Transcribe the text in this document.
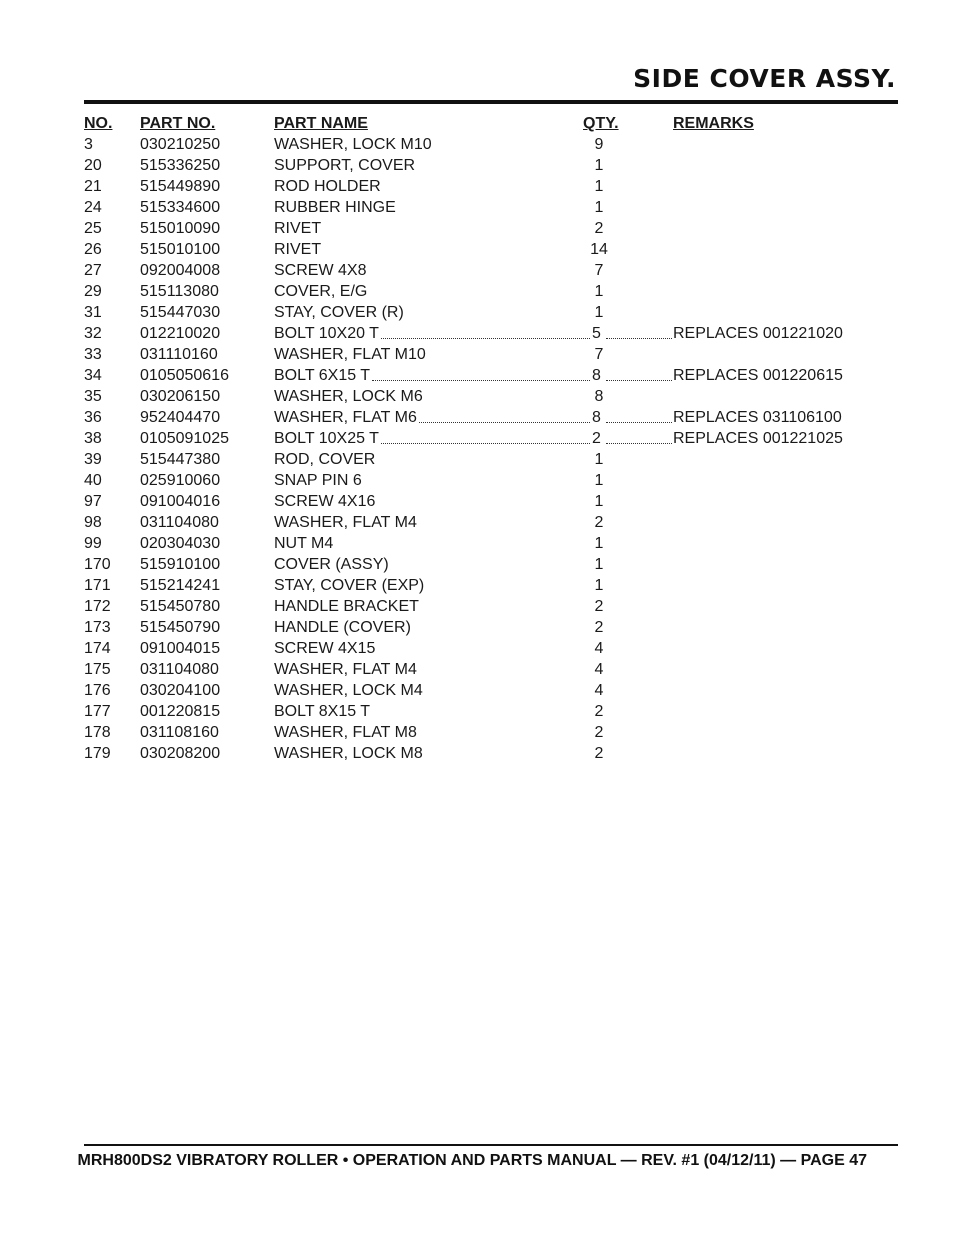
SIDE COVER ASSY.
NO. PART NO.	PART NAME	QTY.	REMARKS
3	030210250	WASHER, LOCK M10	9
20 515336250	SUPPORT, COVER	1
21 515449890	ROD HOLDER	1
24 515334600	RUBBER HINGE	1
25 515010090	RIVET	2
26 515010100	RIVET	14
27 092004008	SCREW 4X8	7
29 515113080	COVER, E/G	1
31 515447030	STAY, COVER (R)	1
32 012210020	BOLT 10X20 T	5	REPLACES 001221020
33 031110160	WASHER, FLAT M10	7
34 0105050616	BOLT 6X15 T	8	REPLACES 001220615
35 030206150	WASHER, LOCK M6	8
36 952404470	WASHER, FLAT M6	8	REPLACES 031106100
38 0105091025	BOLT 10X25 T	2	REPLACES 001221025
39 515447380	ROD, COVER	1
40 025910060	SNAP PIN 6	1
97 091004016	SCREW 4X16	1
98 031104080	WASHER, FLAT M4	2
99 020304030	NUT M4	1
170 515910100	COVER (ASSY)	1
171 515214241	STAY, COVER (EXP)	1
172 515450780	HANDLE BRACKET	2
173 515450790	HANDLE (COVER)	2
174 091004015	SCREW 4X15	4
175 031104080	WASHER, FLAT M4	4
176 030204100	WASHER, LOCK M4	4
177 001220815	BOLT 8X15 T	2
178 031108160	WASHER, FLAT M8	2
179 030208200	WASHER, LOCK M8	2
MRH800DS2 VIBRATORY ROLLER • OPERATION AND PARTS MANUAL — REV. #1 (04/12/11) — PAGE 47
